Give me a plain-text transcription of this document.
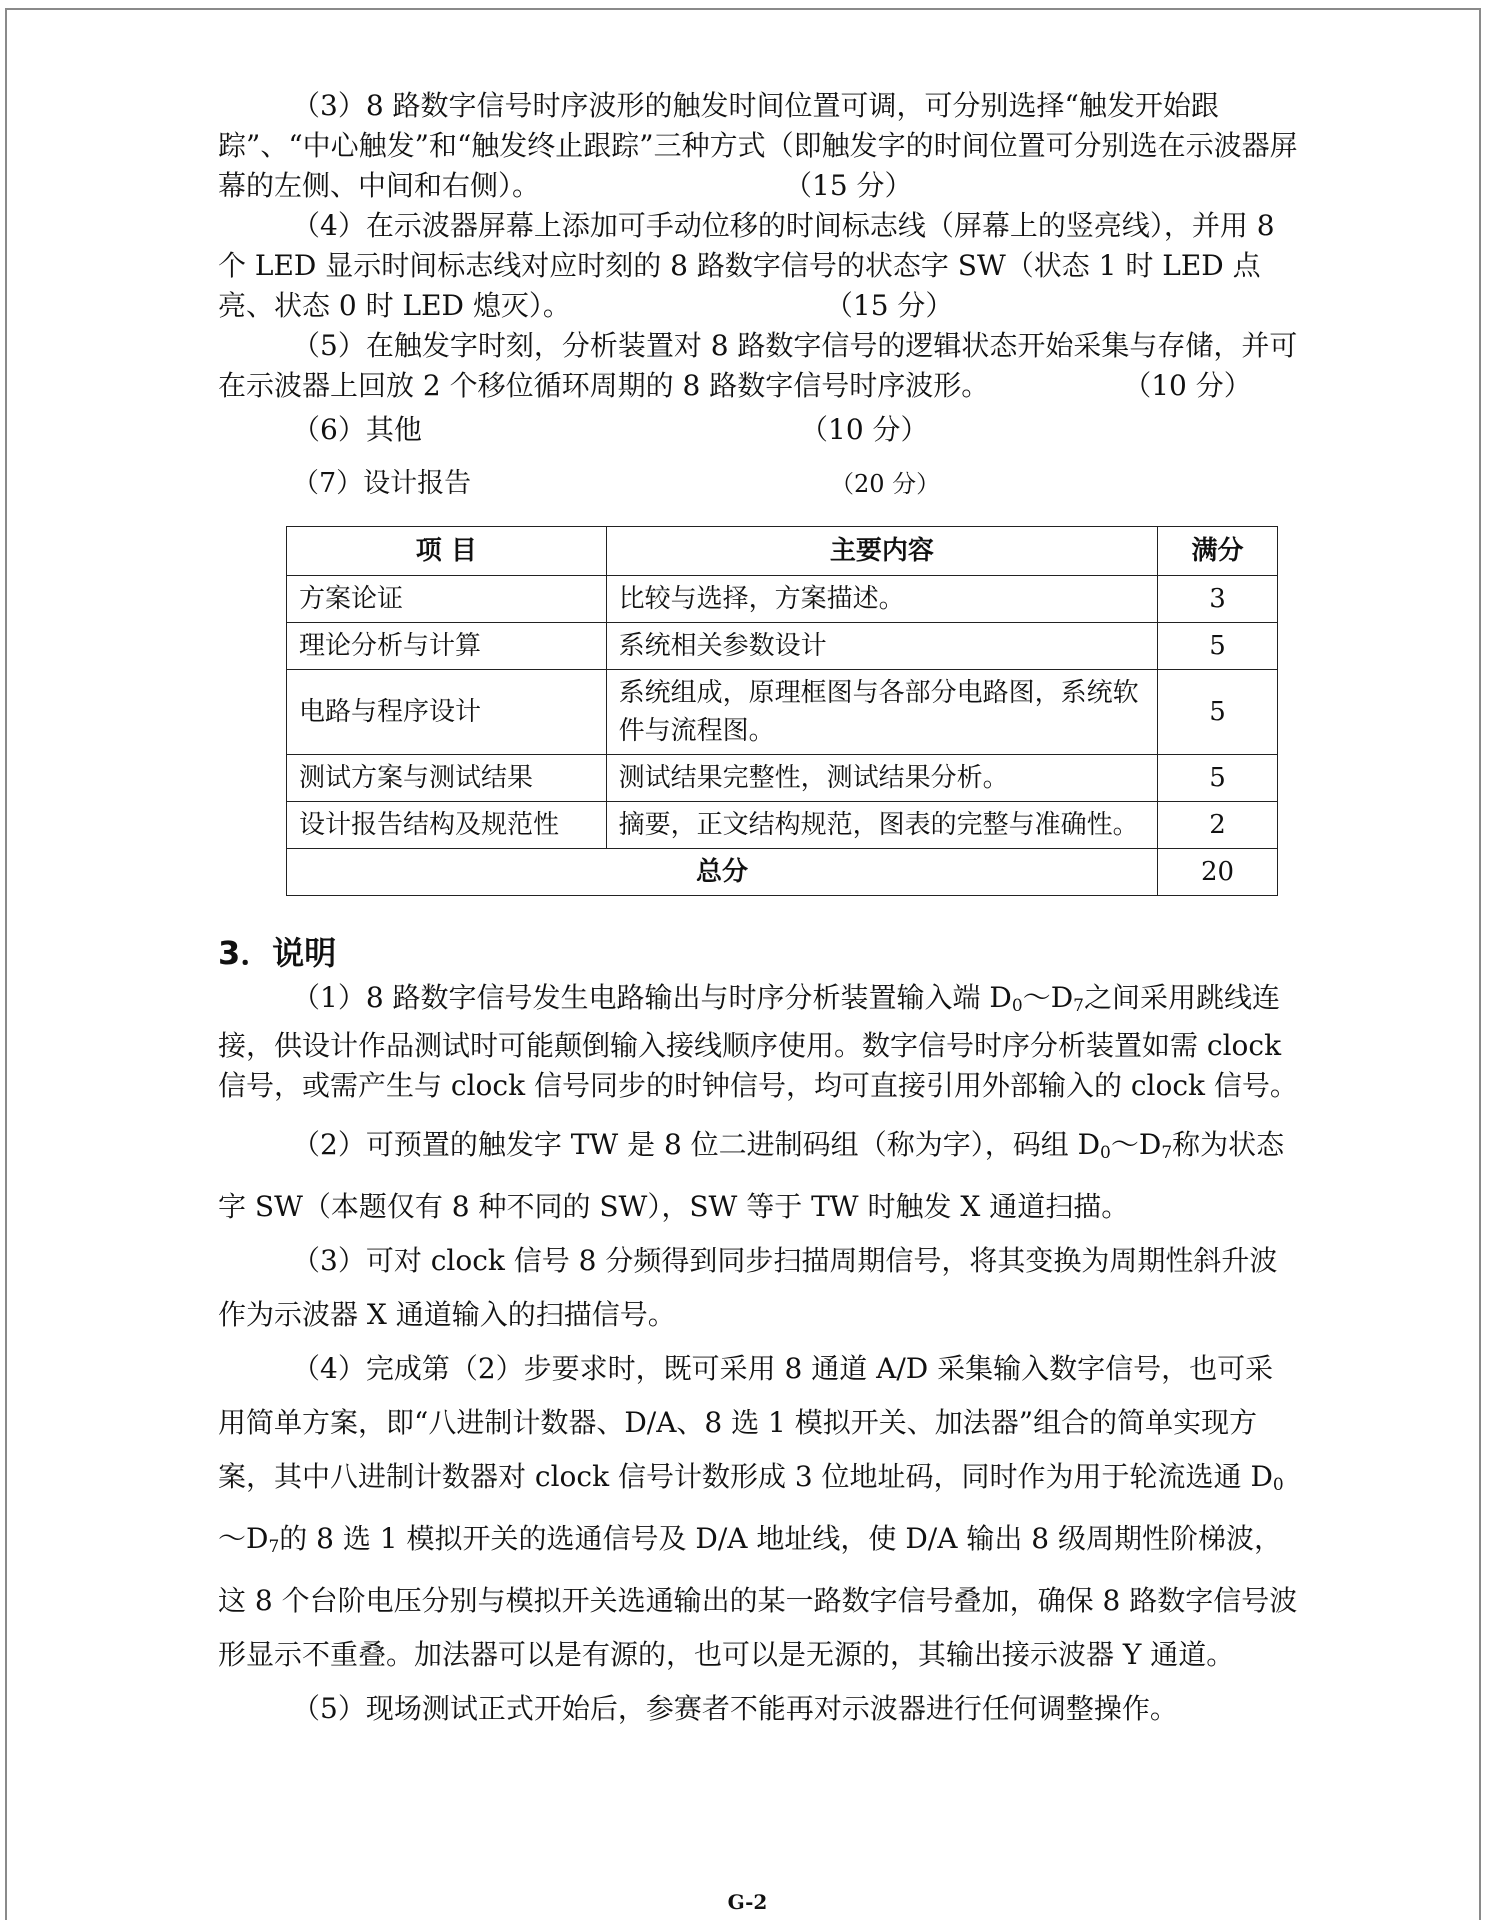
（3）8 路数字信号时序波形的触发时间位置可调，可分别选择“触发开始跟踪”、“中心触发”和“触发终止跟踪”三种方式（即触发字的时间位置可分别选在示波器屏幕的左侧、中间和右侧）。	（15 分）

（4）在示波器屏幕上添加可手动位移的时间标志线（屏幕上的竖亮线），并用 8 个 LED 显示时间标志线对应时刻的 8 路数字信号的状态字 SW（状态 1 时 LED 点亮、状态 0 时 LED 熄灭）。	（15 分）

（5）在触发字时刻，分析装置对 8 路数字信号的逻辑状态开始采集与存储，并可在示波器上回放 2 个移位循环周期的 8 路数字信号时序波形。	（10 分）

（6）其他	（10 分）
（7）设计报告	（20 分）
项 目	主要内容	满分
方案论证	比较与选择，方案描述。	3
理论分析与计算	系统相关参数设计	5
电路与程序设计	系统组成，原理框图与各部分电路图，系统软件与流程图。	5
测试方案与测试结果	测试结果完整性，测试结果分析。	5
设计报告结构及规范性	摘要，正文结构规范，图表的完整与准确性。	2
总分		20
3．说明

（1）8 路数字信号发生电路输出与时序分析装置输入端 $D_0\sim D_7$之间采用跳线连接，供设计作品测试时可能颠倒输入接线顺序使用。数字信号时序分析装置如需 clock 信号，或需产生与 clock 信号同步的时钟信号，均可直接引用外部输入的 clock 信号。

（2）可预置的触发字 TW 是 8 位二进制码组（称为字），码组 $D_0\sim D_7$称为状态字 SW（本题仅有 8 种不同的 SW），SW 等于 TW 时触发 X 通道扫描。

（3）可对 clock 信号 8 分频得到同步扫描周期信号，将其变换为周期性斜升波作为示波器 X 通道输入的扫描信号。

（4）完成第（2）步要求时，既可采用 8 通道 A/D 采集输入数字信号，也可采用简单方案，即“八进制计数器、D/A、8 选 1 模拟开关、加法器”组合的简单实现方案，其中八进制计数器对 clock 信号计数形成 3 位地址码，同时作为用于轮流选通 $D_0\sim D_7$的 8 选 1 模拟开关的选通信号及 D/A 地址线，使 D/A 输出 8 级周期性阶梯波，这 8 个台阶电压分别与模拟开关选通输出的某一路数字信号叠加，确保 8 路数字信号波形显示不重叠。加法器可以是有源的，也可以是无源的，其输出接示波器 Y 通道。

（5）现场测试正式开始后，参赛者不能再对示波器进行任何调整操作。

G-2
